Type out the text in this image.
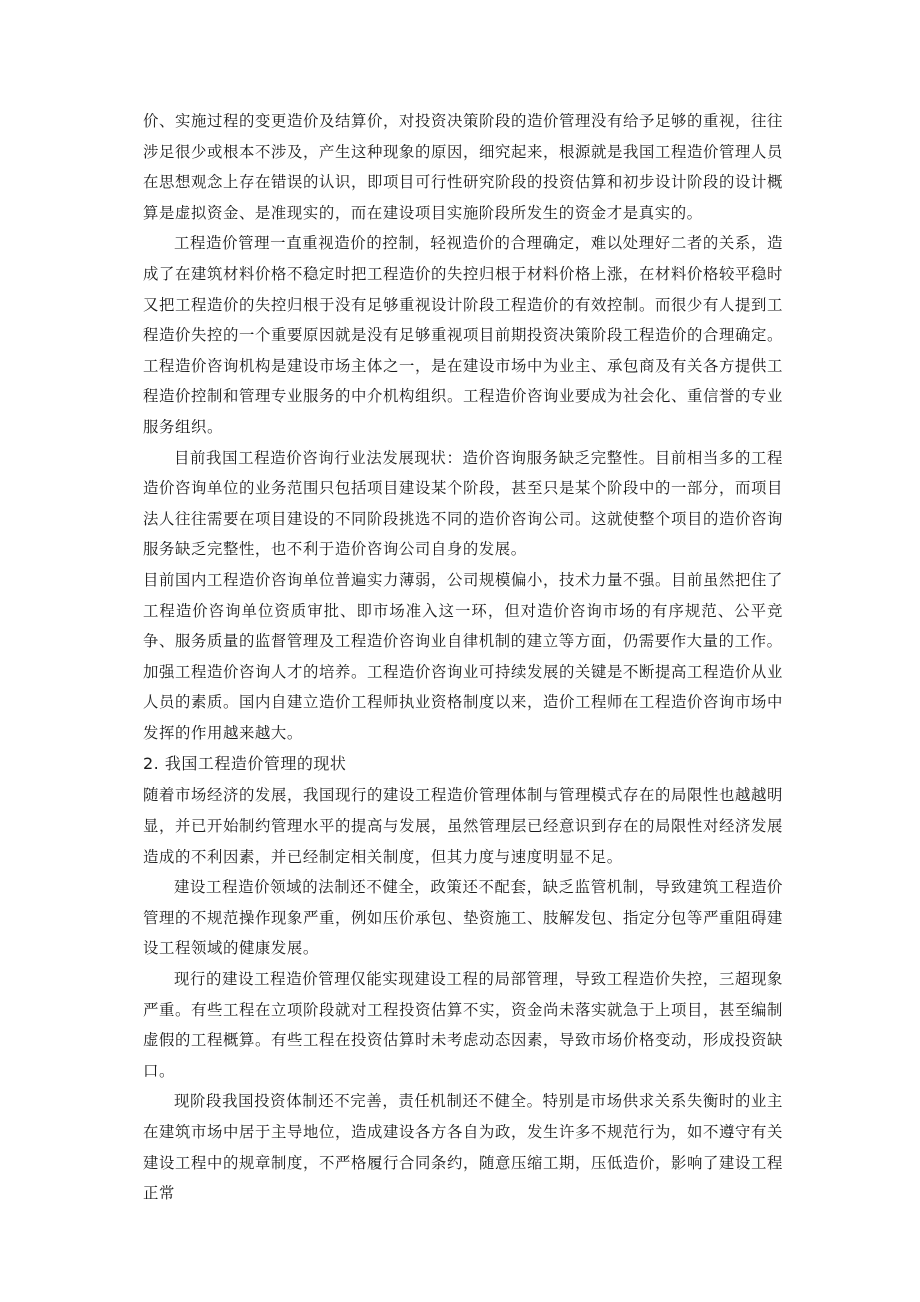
价、实施过程的变更造价及结算价，对投资决策阶段的造价管理没有给予足够的重视，往往涉足很少或根本不涉及，产生这种现象的原因，细究起来，根源就是我国工程造价管理人员在思想观念上存在错误的认识，即项目可行性研究阶段的投资估算和初步设计阶段的设计概算是虚拟资金、是准现实的，而在建设项目实施阶段所发生的资金才是真实的。

工程造价管理一直重视造价的控制，轻视造价的合理确定，难以处理好二者的关系，造成了在建筑材料价格不稳定时把工程造价的失控归根于材料价格上涨，在材料价格较平稳时又把工程造价的失控归根于没有足够重视设计阶段工程造价的有效控制。而很少有人提到工程造价失控的一个重要原因就是没有足够重视项目前期投资决策阶段工程造价的合理确定。工程造价咨询机构是建设市场主体之一，是在建设市场中为业主、承包商及有关各方提供工程造价控制和管理专业服务的中介机构组织。工程造价咨询业要成为社会化、重信誉的专业服务组织。

目前我国工程造价咨询行业法发展现状：造价咨询服务缺乏完整性。目前相当多的工程造价咨询单位的业务范围只包括项目建设某个阶段，甚至只是某个阶段中的一部分，而项目法人往往需要在项目建设的不同阶段挑选不同的造价咨询公司。这就使整个项目的造价咨询服务缺乏完整性，也不利于造价咨询公司自身的发展。

目前国内工程造价咨询单位普遍实力薄弱，公司规模偏小，技术力量不强。目前虽然把住了工程造价咨询单位资质审批、即市场准入这一环，但对造价咨询市场的有序规范、公平竞争、服务质量的监督管理及工程造价咨询业自律机制的建立等方面，仍需要作大量的工作。

加强工程造价咨询人才的培养。工程造价咨询业可持续发展的关键是不断提高工程造价从业人员的素质。国内自建立造价工程师执业资格制度以来，造价工程师在工程造价咨询市场中发挥的作用越来越大。

2. 我国工程造价管理的现状

随着市场经济的发展，我国现行的建设工程造价管理体制与管理模式存在的局限性也越越明显，并已开始制约管理水平的提高与发展，虽然管理层已经意识到存在的局限性对经济发展造成的不利因素，并已经制定相关制度，但其力度与速度明显不足。

建设工程造价领域的法制还不健全，政策还不配套，缺乏监管机制，导致建筑工程造价管理的不规范操作现象严重，例如压价承包、垫资施工、肢解发包、指定分包等严重阻碍建设工程领域的健康发展。

现行的建设工程造价管理仅能实现建设工程的局部管理，导致工程造价失控，三超现象严重。有些工程在立项阶段就对工程投资估算不实，资金尚未落实就急于上项目，甚至编制虚假的工程概算。有些工程在投资估算时未考虑动态因素，导致市场价格变动，形成投资缺口。

现阶段我国投资体制还不完善，责任机制还不健全。特别是市场供求关系失衡时的业主在建筑市场中居于主导地位，造成建设各方各自为政，发生许多不规范行为，如不遵守有关建设工程中的规章制度，不严格履行合同条约，随意压缩工期，压低造价，影响了建设工程正常
